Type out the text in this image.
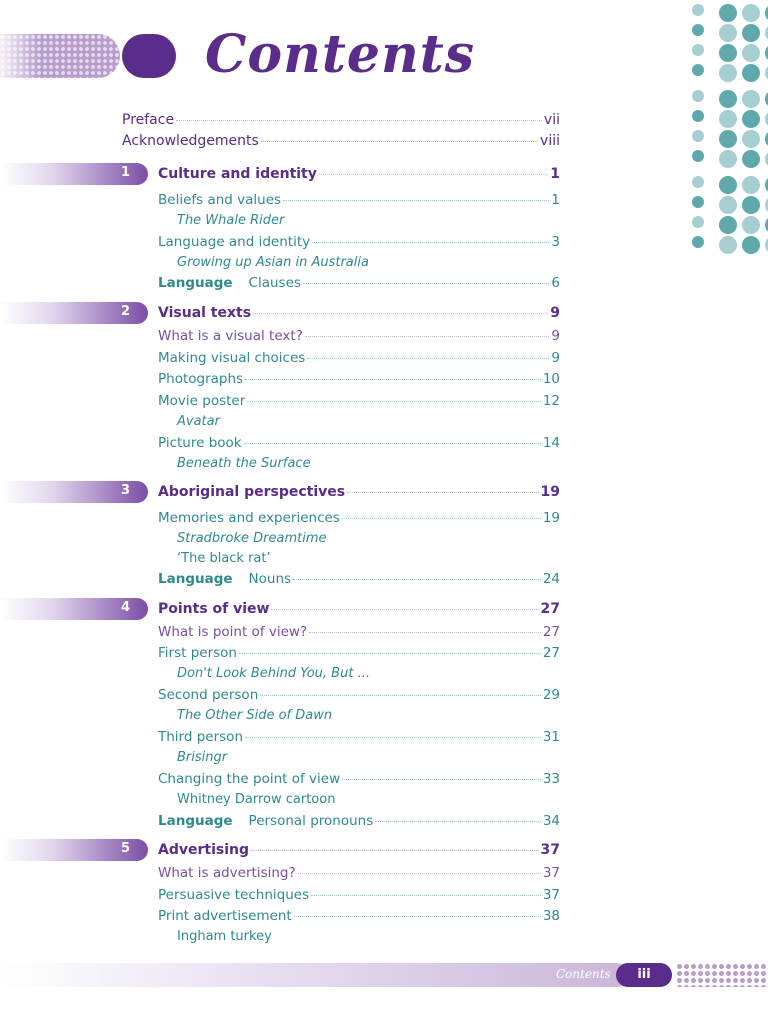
Contents
Preface	vii
Acknowledgements	viii
1 Culture and identity	1
Beliefs and values	1
The Whale Rider
Language and identity	3
Growing up Asian in Australia
Language Clauses	6
2 Visual texts	9
What is a visual text?	9
Making visual choices	9
Photographs	10
Movie poster	12
Avatar
Picture book	14
Beneath the Surface
3 Aboriginal perspectives	19
Memories and experiences	19
Stradbroke Dreamtime
‘The black rat’
Language Nouns	24
4 Points of view	27
What is point of view?	27
First person	27
Don't Look Behind You, But ...
Second person	29
The Other Side of Dawn
Third person	31
Brisingr
Changing the point of view	33
Whitney Darrow cartoon
Language Personal pronouns	34
5 Advertising	37
What is advertising?	37
Persuasive techniques	37
Print advertisement	38
Ingham turkey
Contents	iii
